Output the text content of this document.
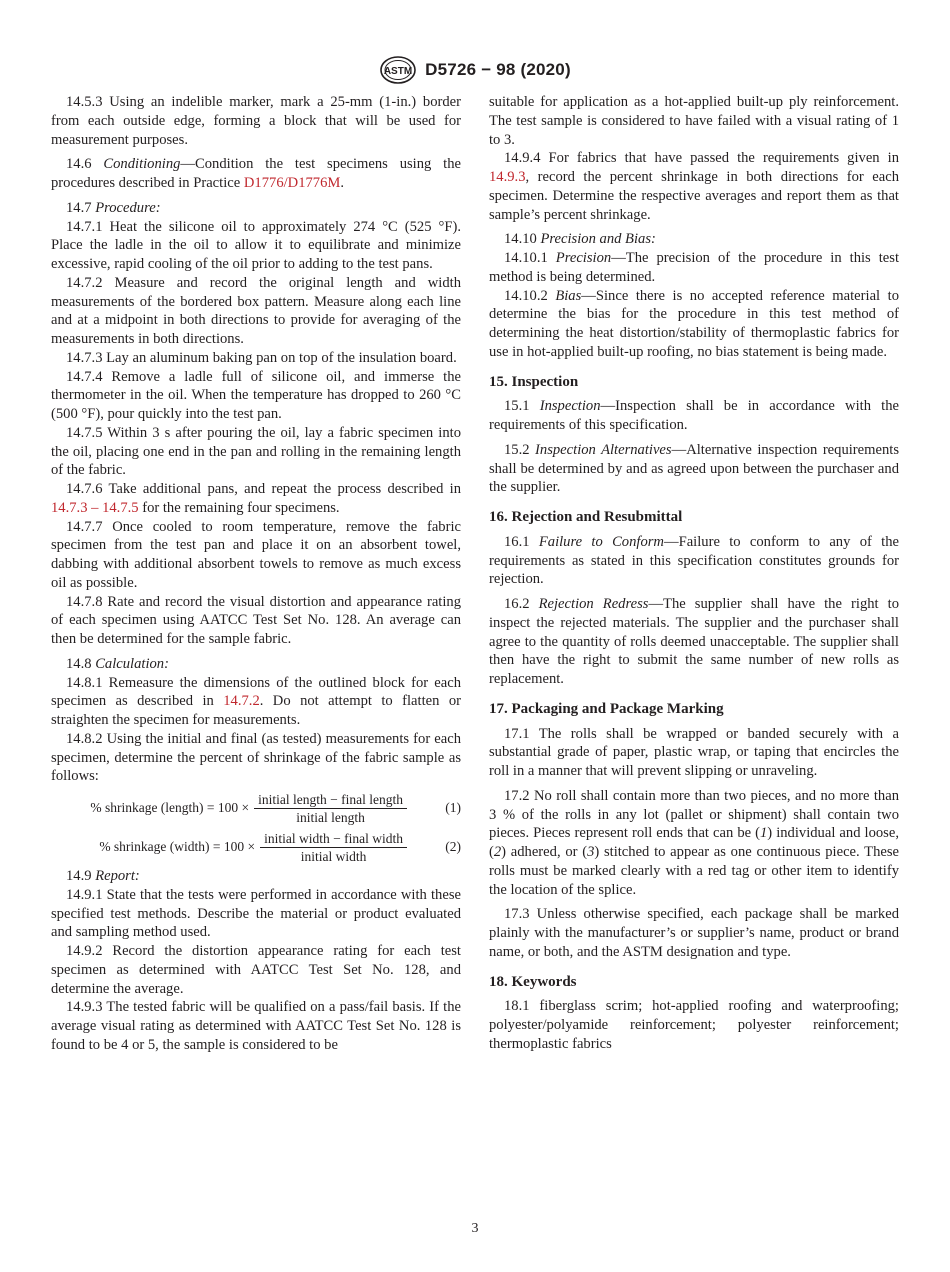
ASTM D5726 − 98 (2020)

14.5.3 Using an indelible marker, mark a 25-mm (1-in.) border from each outside edge, forming a block that will be used for measurement purposes.

14.6 Conditioning—Condition the test specimens using the procedures described in Practice D1776/D1776M.

14.7 Procedure:

14.7.1 Heat the silicone oil to approximately 274 °C (525 °F). Place the ladle in the oil to allow it to equilibrate and minimize excessive, rapid cooling of the oil prior to adding to the test pans.

14.7.2 Measure and record the original length and width measurements of the bordered box pattern. Measure along each line and at a midpoint in both directions to provide for averaging of the measurements in both directions.

14.7.3 Lay an aluminum baking pan on top of the insulation board.

14.7.4 Remove a ladle full of silicone oil, and immerse the thermometer in the oil. When the temperature has dropped to 260 °C (500 °F), pour quickly into the test pan.

14.7.5 Within 3 s after pouring the oil, lay a fabric specimen into the oil, placing one end in the pan and rolling in the remaining length of the fabric.

14.7.6 Take additional pans, and repeat the process described in 14.7.3 – 14.7.5 for the remaining four specimens.

14.7.7 Once cooled to room temperature, remove the fabric specimen from the test pan and place it on an absorbent towel, dabbing with additional absorbent towels to remove as much excess oil as possible.

14.7.8 Rate and record the visual distortion and appearance rating of each specimen using AATCC Test Set No. 128. An average can then be determined for the sample fabric.

14.8 Calculation:

14.8.1 Remeasure the dimensions of the outlined block for each specimen as described in 14.7.2. Do not attempt to flatten or straighten the specimen for measurements.

14.8.2 Using the initial and final (as tested) measurements for each specimen, determine the percent of shrinkage of the fabric sample as follows:

% shrinkage (length) = $100 \times \frac{\text{initial length − final length}}{\text{initial length}}$	(1)
% shrinkage (width) = $100 \times \frac{\text{initial width − final width}}{\text{initial width}}$	(2)

14.9 Report:

14.9.1 State that the tests were performed in accordance with these specified test methods. Describe the material or product evaluated and sampling method used.

14.9.2 Record the distortion appearance rating for each test specimen as determined with AATCC Test Set No. 128, and determine the average.

14.9.3 The tested fabric will be qualified on a pass/fail basis. If the average visual rating as determined with AATCC Test Set No. 128 is found to be 4 or 5, the sample is considered to be

suitable for application as a hot-applied built-up ply reinforcement. The test sample is considered to have failed with a visual rating of 1 to 3.

14.9.4 For fabrics that have passed the requirements given in 14.9.3, record the percent shrinkage in both directions for each specimen. Determine the respective averages and report them as that sample’s percent shrinkage.

14.10 Precision and Bias:

14.10.1 Precision—The precision of the procedure in this test method is being determined.

14.10.2 Bias—Since there is no accepted reference material to determine the bias for the procedure in this test method of determining the heat distortion/stability of thermoplastic fabrics for use in hot-applied built-up roofing, no bias statement is being made.

15. Inspection

15.1 Inspection—Inspection shall be in accordance with the requirements of this specification.

15.2 Inspection Alternatives—Alternative inspection requirements shall be determined by and as agreed upon between the purchaser and the supplier.

16. Rejection and Resubmittal

16.1 Failure to Conform—Failure to conform to any of the requirements as stated in this specification constitutes grounds for rejection.

16.2 Rejection Redress—The supplier shall have the right to inspect the rejected materials. The supplier and the purchaser shall agree to the quantity of rolls deemed unacceptable. The supplier shall then have the right to submit the same number of new rolls as replacement.

17. Packaging and Package Marking

17.1 The rolls shall be wrapped or banded securely with a substantial grade of paper, plastic wrap, or taping that encircles the roll in a manner that will prevent slipping or unraveling.

17.2 No roll shall contain more than two pieces, and no more than 3 % of the rolls in any lot (pallet or shipment) shall contain two pieces. Pieces represent roll ends that can be (1) individual and loose, (2) adhered, or (3) stitched to appear as one continuous piece. These rolls must be marked clearly with a red tag or other item to identify the location of the splice.

17.3 Unless otherwise specified, each package shall be marked plainly with the manufacturer’s or supplier’s name, product or brand name, or both, and the ASTM designation and type.

18. Keywords

18.1 fiberglass scrim; hot-applied roofing and waterproofing; polyester/polyamide reinforcement; polyester reinforcement; thermoplastic fabrics

3
